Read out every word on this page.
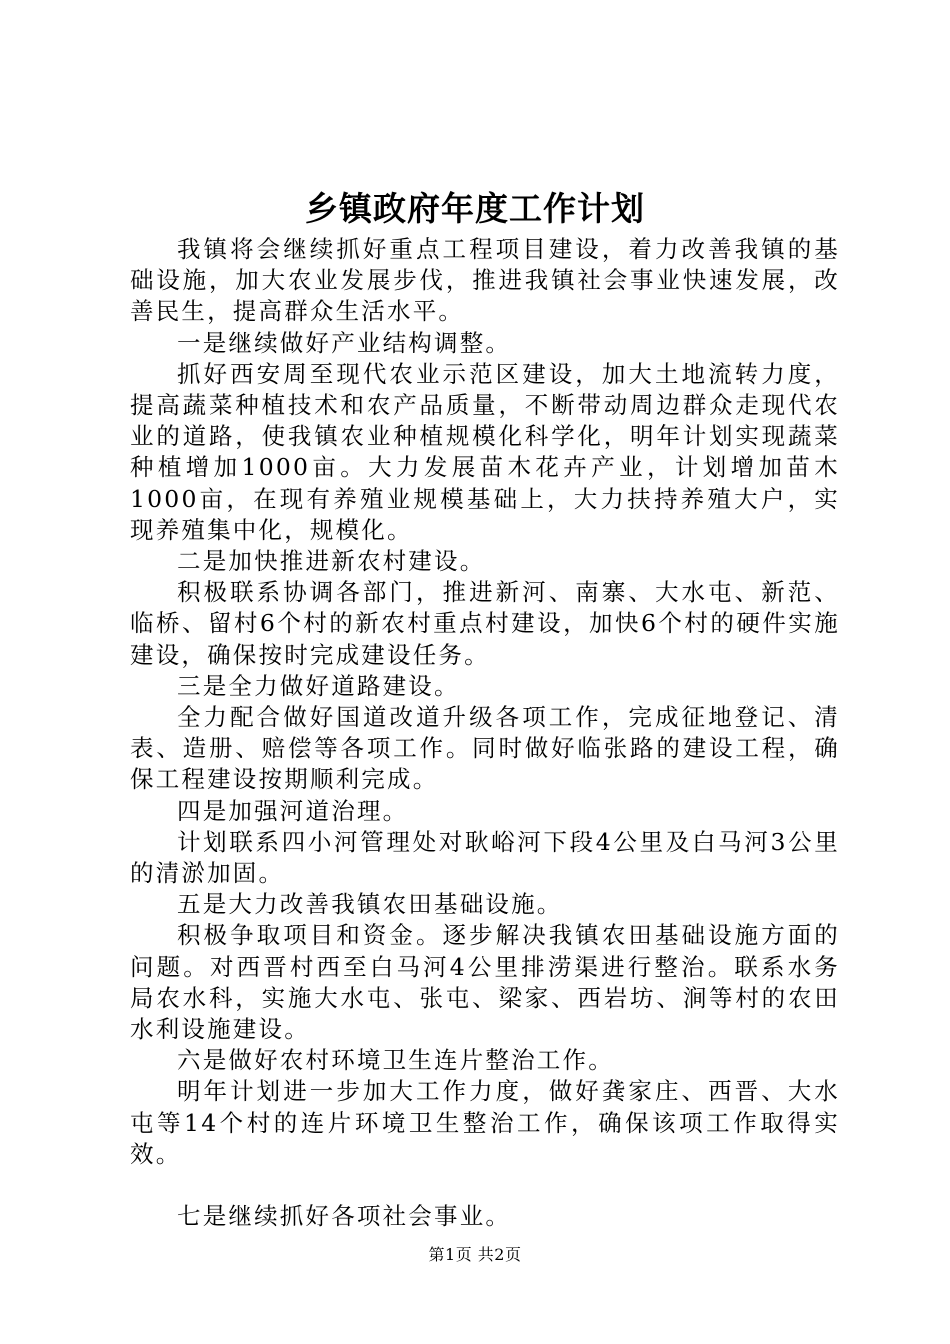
乡镇政府年度工作计划

我镇将会继续抓好重点工程项目建设，着力改善我镇的基础设施，加大农业发展步伐，推进我镇社会事业快速发展，改善民生，提高群众生活水平。

一是继续做好产业结构调整。

抓好西安周至现代农业示范区建设，加大土地流转力度，提高蔬菜种植技术和农产品质量，不断带动周边群众走现代农业的道路，使我镇农业种植规模化科学化，明年计划实现蔬菜种植增加1000亩。大力发展苗木花卉产业，计划增加苗木1000亩，在现有养殖业规模基础上，大力扶持养殖大户，实现养殖集中化，规模化。

二是加快推进新农村建设。

积极联系协调各部门，推进新河、南寨、大水屯、新范、临桥、留村6个村的新农村重点村建设，加快6个村的硬件实施建设，确保按时完成建设任务。

三是全力做好道路建设。

全力配合做好国道改道升级各项工作，完成征地登记、清表、造册、赔偿等各项工作。同时做好临张路的建设工程，确保工程建设按期顺利完成。

四是加强河道治理。

计划联系四小河管理处对耿峪河下段4公里及白马河3公里的清淤加固。

五是大力改善我镇农田基础设施。

积极争取项目和资金。逐步解决我镇农田基础设施方面的问题。对西晋村西至白马河4公里排涝渠进行整治。联系水务局农水科，实施大水屯、张屯、梁家、西岩坊、涧等村的农田水利设施建设。

六是做好农村环境卫生连片整治工作。

明年计划进一步加大工作力度，做好龚家庄、西晋、大水屯等14个村的连片环境卫生整治工作，确保该项工作取得实效。

七是继续抓好各项社会事业。

第1页 共2页
